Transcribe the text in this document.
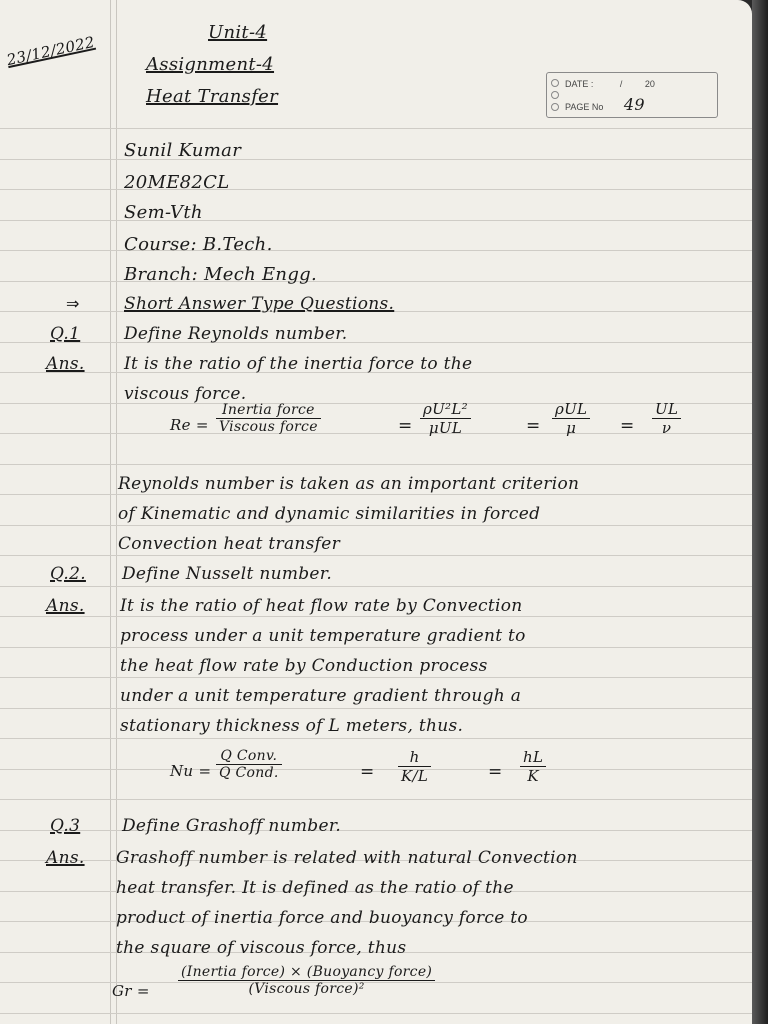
23/12/2022
Unit-4
Assignment-4
Heat Transfer
DATE :	/	20
PAGE No 49
Sunil Kumar
20ME82CL
Sem-Vth
Course: B.Tech.
Branch: Mech Engg.
⇒	Short Answer Type Questions.
Q.1	Define Reynolds number.
Ans. It is the ratio of the inertia force to the
viscous force.
Re =
Inertia force
Viscous force	=
ρU²L²
μUL	=
ρUL
μ	= $\frac{UL}{\nu}$
Reynolds number is taken as an important criterion
of Kinematic and dynamic similarities in forced
Convection heat transfer
Q.2. Define Nusselt number.
Ans. It is the ratio of heat flow rate by Convection
process under a unit temperature gradient to
the heat flow rate by Conduction process
under a unit temperature gradient through a
stationary thickness of L meters, thus.
Nu =
Q Conv.
Q Cond.	= $\frac{h}{K/L}$	= $\frac{hL}{K}$
Q.3 Define Grashoff number.
Ans. Grashoff number is related with natural Convection
heat transfer. It is defined as the ratio of the
product of inertia force and buoyancy force to
the square of viscous force, thus
Gr =
(Inertia force) × (Buoyancy force)
(Viscous force)²
